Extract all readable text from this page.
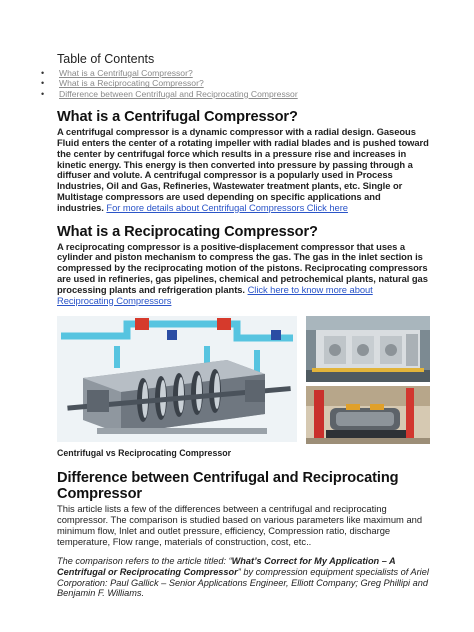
Table of Contents
• What is a Centrifugal Compressor?
• What is a Reciprocating Compressor?
• Difference between Centrifugal and Reciprocating Compressor
What is a Centrifugal Compressor?

A centrifugal compressor is a dynamic compressor with a radial design. Gaseous Fluid enters the center of a rotating impeller with radial blades and is pushed toward the center by centrifugal force which results in a pressure rise and increases in kinetic energy. This energy is then converted into pressure by passing through a diffuser and volute. A centrifugal compressor is a popularly used in Process Industries, Oil and Gas, Refineries, Wastewater treatment plants, etc. Single or Multistage compressors are used depending on specific applications and industries. For more details about Centrifugal Compressors Click here

What is a Reciprocating Compressor?

A reciprocating compressor is a positive-displacement compressor that uses a cylinder and piston mechanism to compress the gas. The gas in the inlet section is compressed by the reciprocating motion of the pistons. Reciprocating compressors are used in refineries, gas pipelines, chemical and petrochemical plants, natural gas processing plants and refrigeration plants. Click here to know more about Reciprocating Compressors

Centrifugal vs Reciprocating Compressor
Difference between Centrifugal and Reciprocating Compressor

This article lists a few of the differences between a centrifugal and reciprocating compressor. The comparison is studied based on various parameters like maximum and minimum flow, Inlet and outlet pressure, efficiency, Compression ratio, discharge temperature, Flow range, materials of construction, cost, etc..

The comparison refers to the article titled: “What’s Correct for My Application – A Centrifugal or Reciprocating Compressor” by compression equipment specialists of Ariel Corporation: Paul Gallick – Senior Applications Engineer, Elliott Company; Greg Phillipi and Benjamin F. Williams.
